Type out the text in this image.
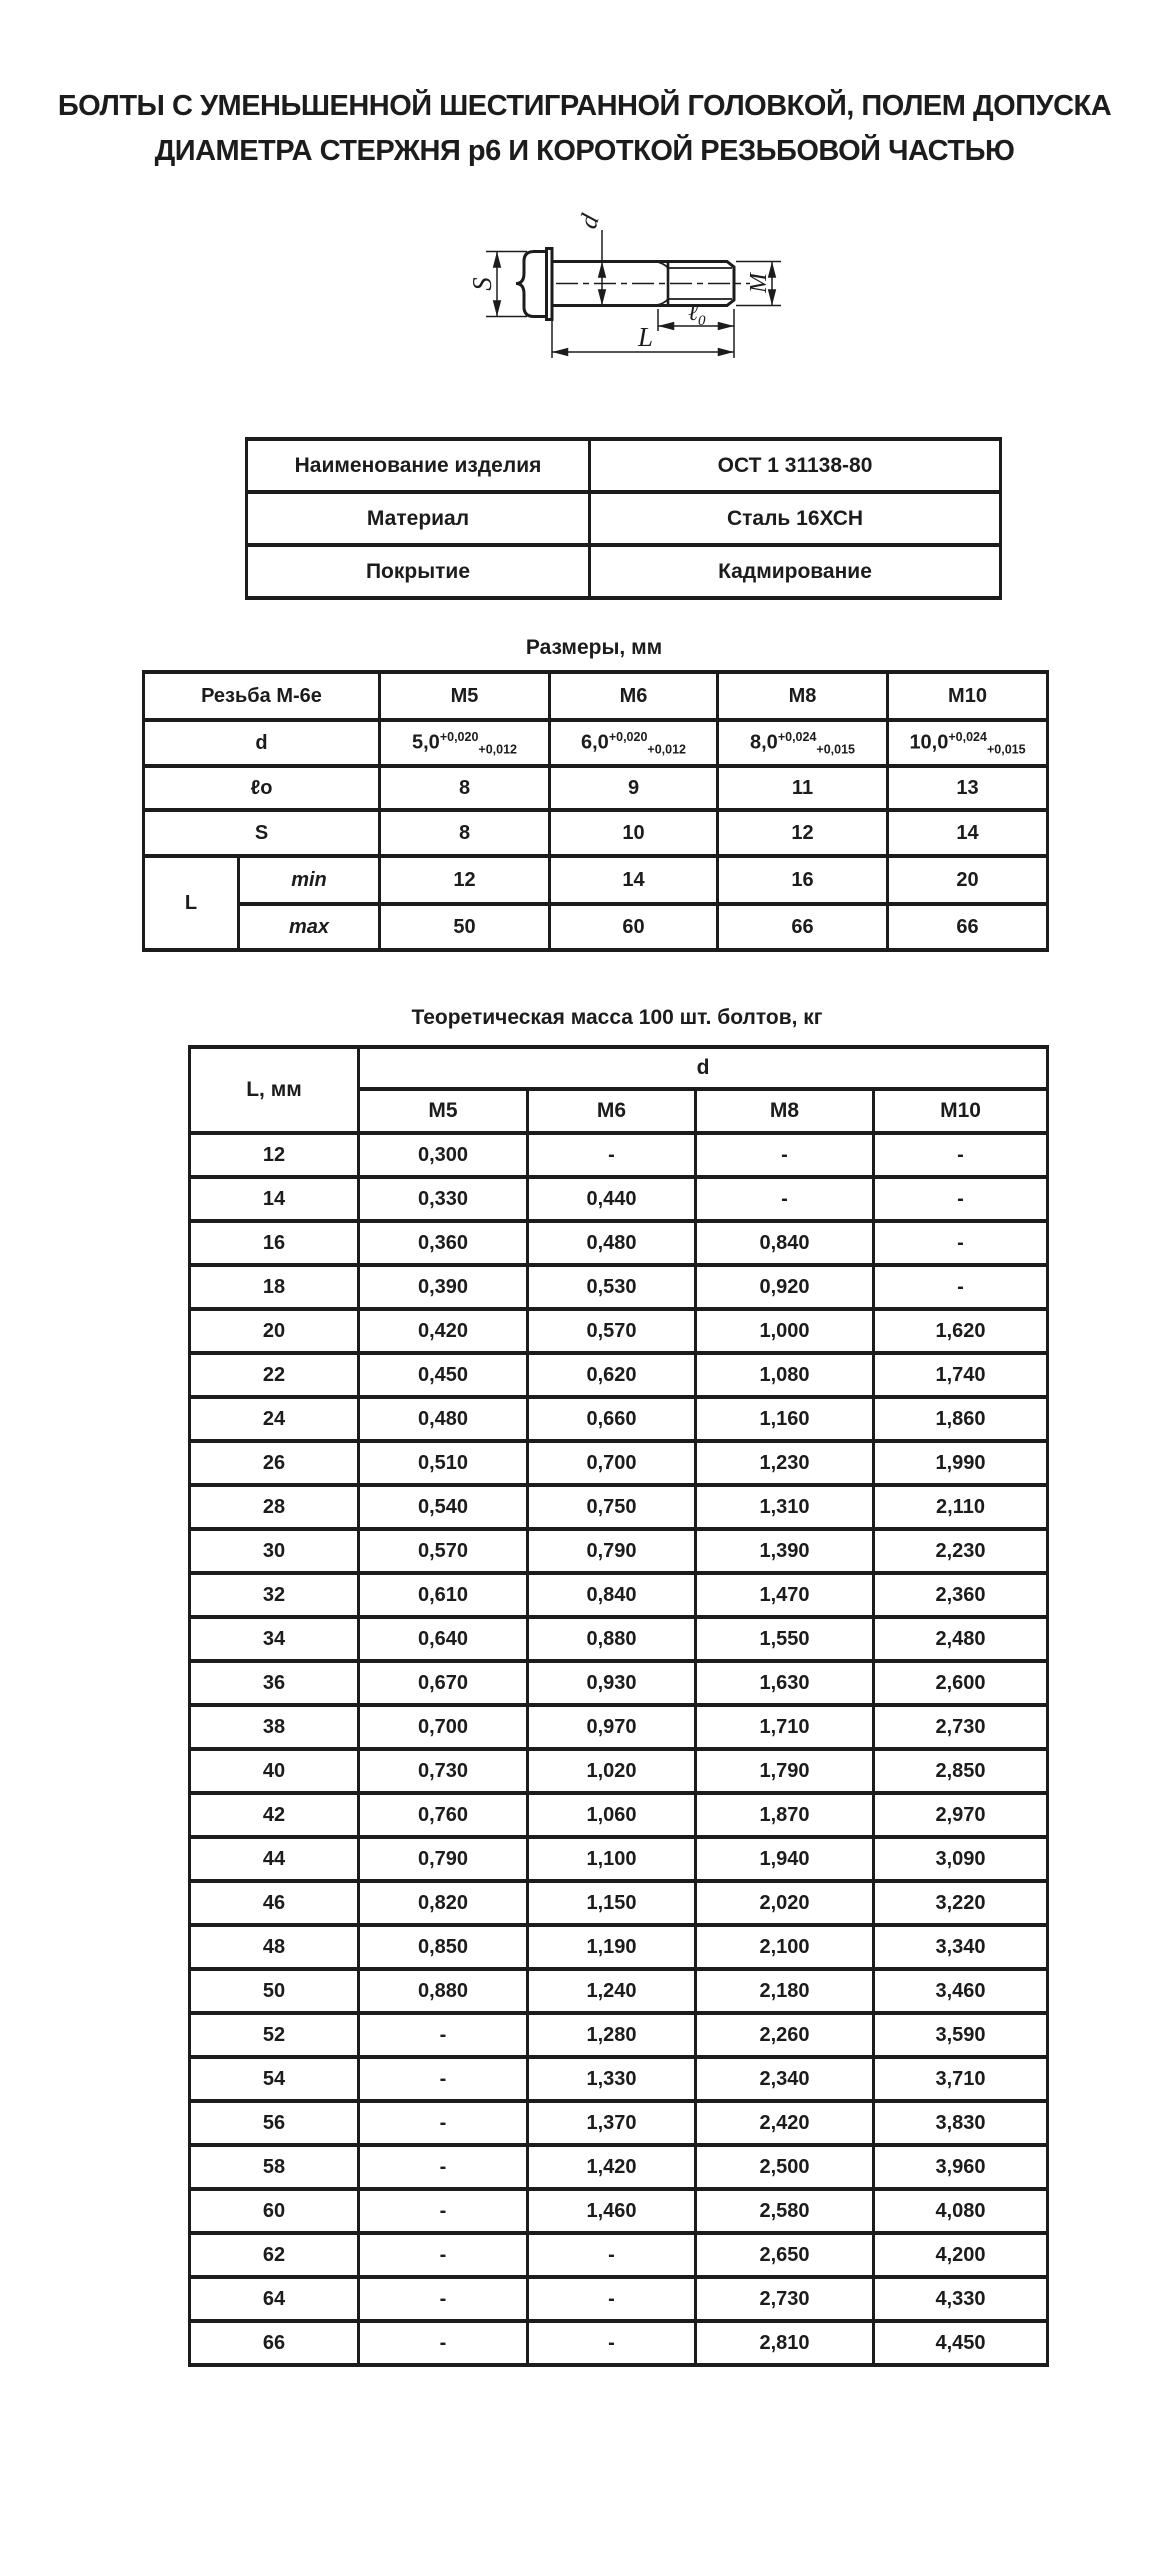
БОЛТЫ С УМЕНЬШЕННОЙ ШЕСТИГРАННОЙ ГОЛОВКОЙ, ПОЛЕМ ДОПУСКА
ДИАМЕТРА СТЕРЖНЯ p6 И КОРОТКОЙ РЕЗЬБОВОЙ ЧАСТЬЮ
S
d
M
ℓ$_0$
L
Наименование изделия	ОСТ 1 31138-80
Материал	Сталь 16ХСН
Покрытие	Кадмирование
Размеры, мм
Резьба М-6е		М5	М6	М8	М10
d		$5,0^{+0,020}_{+0,012}$	$6,0^{+0,020}_{+0,012}$	$8,0^{+0,024}_{+0,015}$	$10,0^{+0,024}_{+0,015}$
ℓo		8	9	11	13
S		8	10	12	14
L	min	12	14	16	20
	max	50	60	66	66
Теоретическая масса 100 шт. болтов, кг
L, мм	d			
	М5	М6	М8	М10
12	0,300	-	-	-
14	0,330	0,440	-	-
16	0,360	0,480	0,840	-
18	0,390	0,530	0,920	-
20	0,420	0,570	1,000	1,620
22	0,450	0,620	1,080	1,740
24	0,480	0,660	1,160	1,860
26	0,510	0,700	1,230	1,990
28	0,540	0,750	1,310	2,110
30	0,570	0,790	1,390	2,230
32	0,610	0,840	1,470	2,360
34	0,640	0,880	1,550	2,480
36	0,670	0,930	1,630	2,600
38	0,700	0,970	1,710	2,730
40	0,730	1,020	1,790	2,850
42	0,760	1,060	1,870	2,970
44	0,790	1,100	1,940	3,090
46	0,820	1,150	2,020	3,220
48	0,850	1,190	2,100	3,340
50	0,880	1,240	2,180	3,460
52	-	1,280	2,260	3,590
54	-	1,330	2,340	3,710
56	-	1,370	2,420	3,830
58	-	1,420	2,500	3,960
60	-	1,460	2,580	4,080
62	-	-	2,650	4,200
64	-	-	2,730	4,330
66	-	-	2,810	4,450
